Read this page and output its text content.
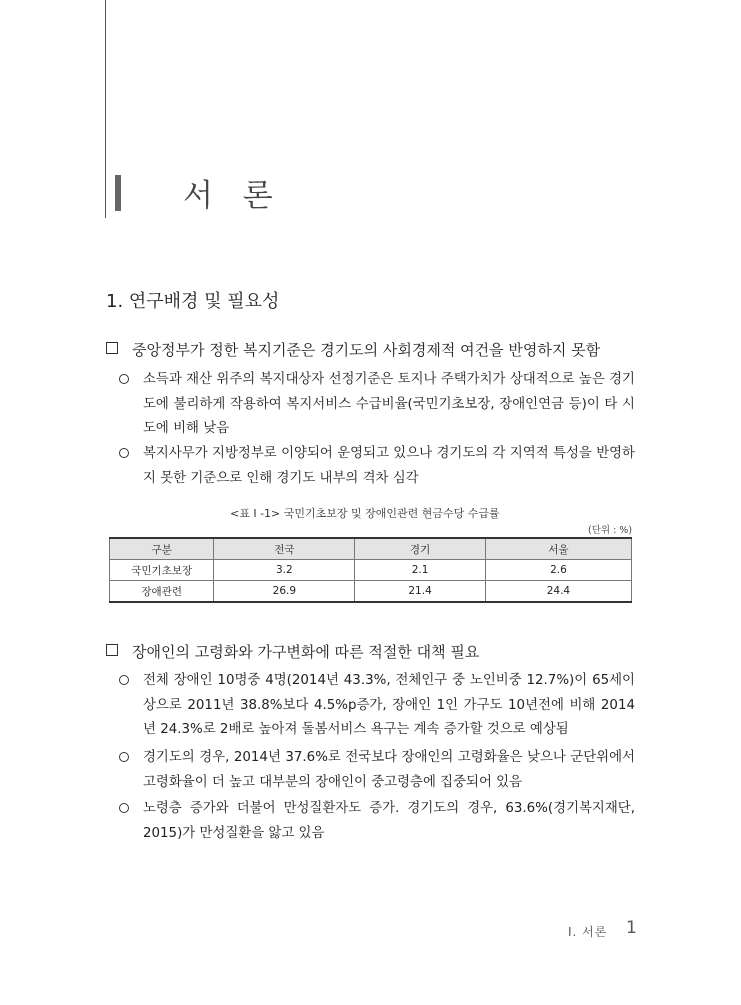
서 론
1. 연구배경 및 필요성
중앙정부가 정한 복지기준은 경기도의 사회경제적 여건을 반영하지 못함
소득과 재산 위주의 복지대상자 선정기준은 토지나 주택가치가 상대적으로 높은 경기도에 불리하게 작용하여 복지서비스 수급비율(국민기초보장, 장애인연금 등)이 타 시도에 비해 낮음
복지사무가 지방정부로 이양되어 운영되고 있으나 경기도의 각 지역적 특성을 반영하지 못한 기준으로 인해 경기도 내부의 격차 심각
<표 Ⅰ -1> 국민기초보장 및 장애인관련 현금수당 수급률
(단위 : %)
구분	전국	경기	서울
국민기초보장	3.2	2.1	2.6
장애관련	26.9	21.4	24.4
장애인의 고령화와 가구변화에 따른 적절한 대책 필요
전체 장애인 10명중 4명(2014년 43.3%, 전체인구 중 노인비중 12.7%)이 65세이상으로 2011년 38.8%보다 4.5%p증가, 장애인 1인 가구도 10년전에 비해 2014년 24.3%로 2배로 높아져 돌봄서비스 욕구는 계속 증가할 것으로 예상됨
경기도의 경우, 2014년 37.6%로 전국보다 장애인의 고령화율은 낮으나 군단위에서 고령화율이 더 높고 대부분의 장애인이 중고령층에 집중되어 있음
노령층 증가와 더불어 만성질환자도 증가. 경기도의 경우, 63.6%(경기복지재단, 2015)가 만성질환을 앓고 있음
Ⅰ. 서론 1
